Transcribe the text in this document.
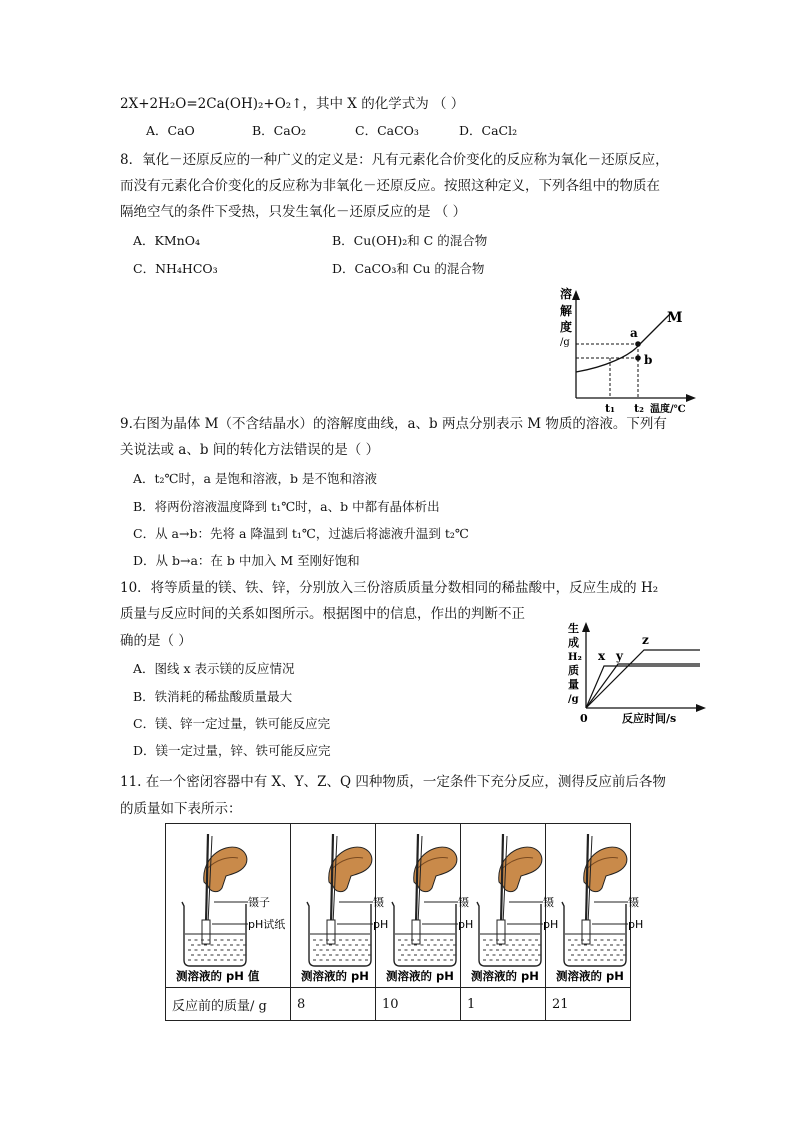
2X+2H₂O=2Ca(OH)₂+O₂↑，其中 X 的化学式为 （ ）
A．CaO	B．CaO₂	C．CaCO₃	D．CaCl₂
8．氧化－还原反应的一种广义的定义是：凡有元素化合价变化的反应称为氧化－还原反应，
而没有元素化合价变化的反应称为非氧化－还原反应。按照这种定义，下列各组中的物质在
隔绝空气的条件下受热，只发生氧化－还原反应的是 （ ）
A．KMnO₄	B．Cu(OH)₂和 C 的混合物
C．NH₄HCO₃	D．CaCO₃和 Cu 的混合物
溶
解
度
/g
M
a
b
t₁ t₂ 温度/℃
9.右图为晶体 M（不含结晶水）的溶解度曲线，a、b 两点分别表示 M 物质的溶液。下列有
关说法或 a、b 间的转化方法错误的是（ ）
A．t₂℃时，a 是饱和溶液，b 是不饱和溶液
B．将两份溶液温度降到 t₁℃时，a、b 中都有晶体析出
C．从 a→b：先将 a 降温到 t₁℃，过滤后将滤液升温到 t₂℃
D．从 b→a：在 b 中加入 M 至刚好饱和
10．将等质量的镁、铁、锌，分别放入三份溶质质量分数相同的稀盐酸中，反应生成的 H₂
质量与反应时间的关系如图所示。根据图中的信息，作出的判断不正
确的是（ ）
A．图线 x 表示镁的反应情况
B．铁消耗的稀盐酸质量最大
C．镁、锌一定过量，铁可能反应完
D．镁一定过量，锌、铁可能反应完
x y
z
生
成
H₂
质
量
/g
0	反应时间/s
11. 在一个密闭容器中有 X、Y、Z、Q 四种物质，一定条件下充分反应，测得反应前后各物
的质量如下表所示：
镊子
pH试纸
测溶液的 pH 值	镊
pH
测溶液的 pH	镊
pH
测溶液的 pH	镊
pH
测溶液的 pH	镊
pH
测溶液的 pH

反应前的质量/ g	8	10	1	21
